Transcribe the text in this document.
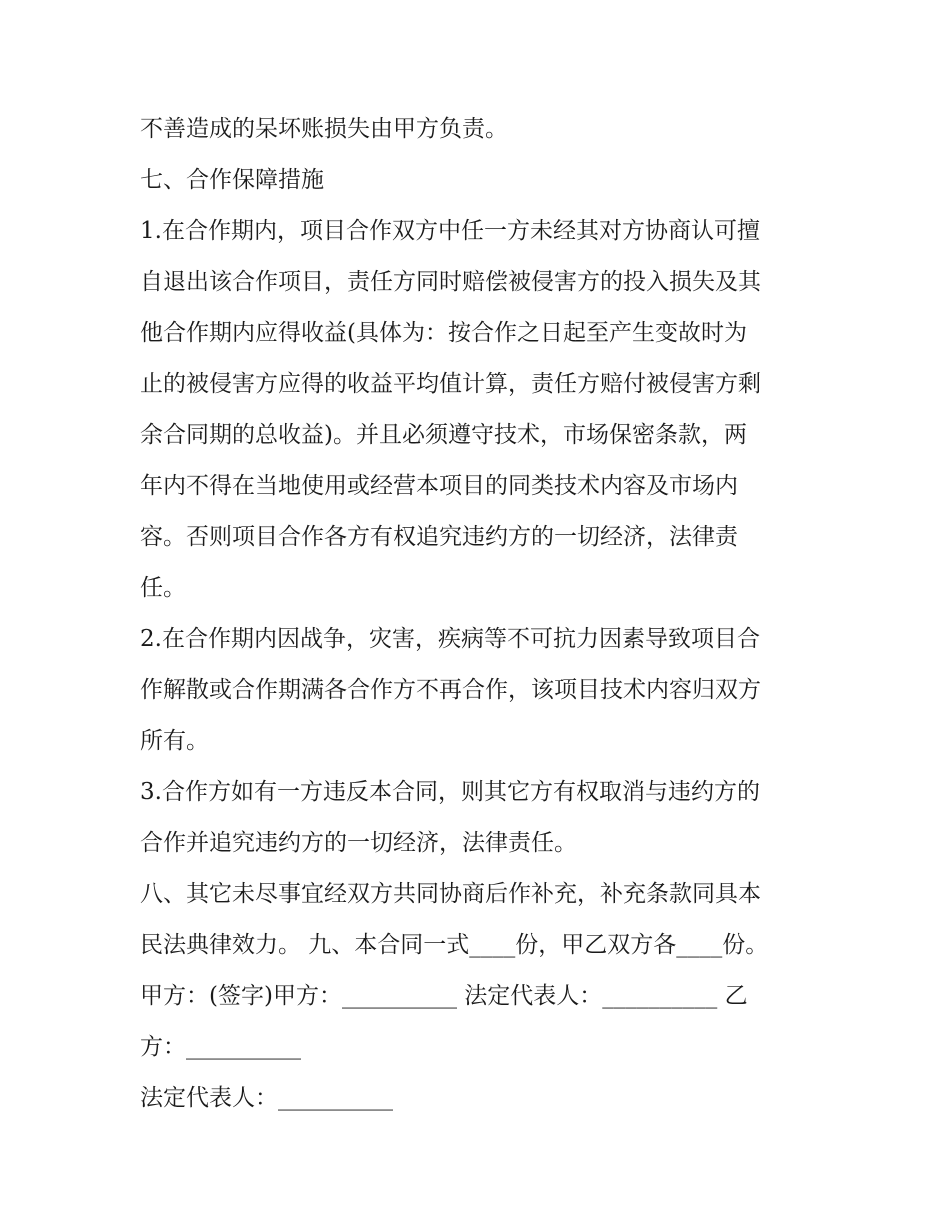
不善造成的呆坏账损失由甲方负责。
七、合作保障措施
1.在合作期内，项目合作双方中任一方未经其对方协商认可擅
自退出该合作项目，责任方同时赔偿被侵害方的投入损失及其
他合作期内应得收益(具体为：按合作之日起至产生变故时为
止的被侵害方应得的收益平均值计算，责任方赔付被侵害方剩
余合同期的总收益)。并且必须遵守技术，市场保密条款，两
年内不得在当地使用或经营本项目的同类技术内容及市场内
容。否则项目合作各方有权追究违约方的一切经济，法律责
任。
2.在合作期内因战争，灾害，疾病等不可抗力因素导致项目合
作解散或合作期满各合作方不再合作，该项目技术内容归双方
所有。
3.合作方如有一方违反本合同，则其它方有权取消与违约方的
合作并追究违约方的一切经济，法律责任。
八、其它未尽事宜经双方共同协商后作补充，补充条款同具本
民法典律效力。 九、本合同一式____份，甲乙双方各____份。
甲方：(签字)甲方：__________ 法定代表人：__________ 乙
方：__________
法定代表人：__________
